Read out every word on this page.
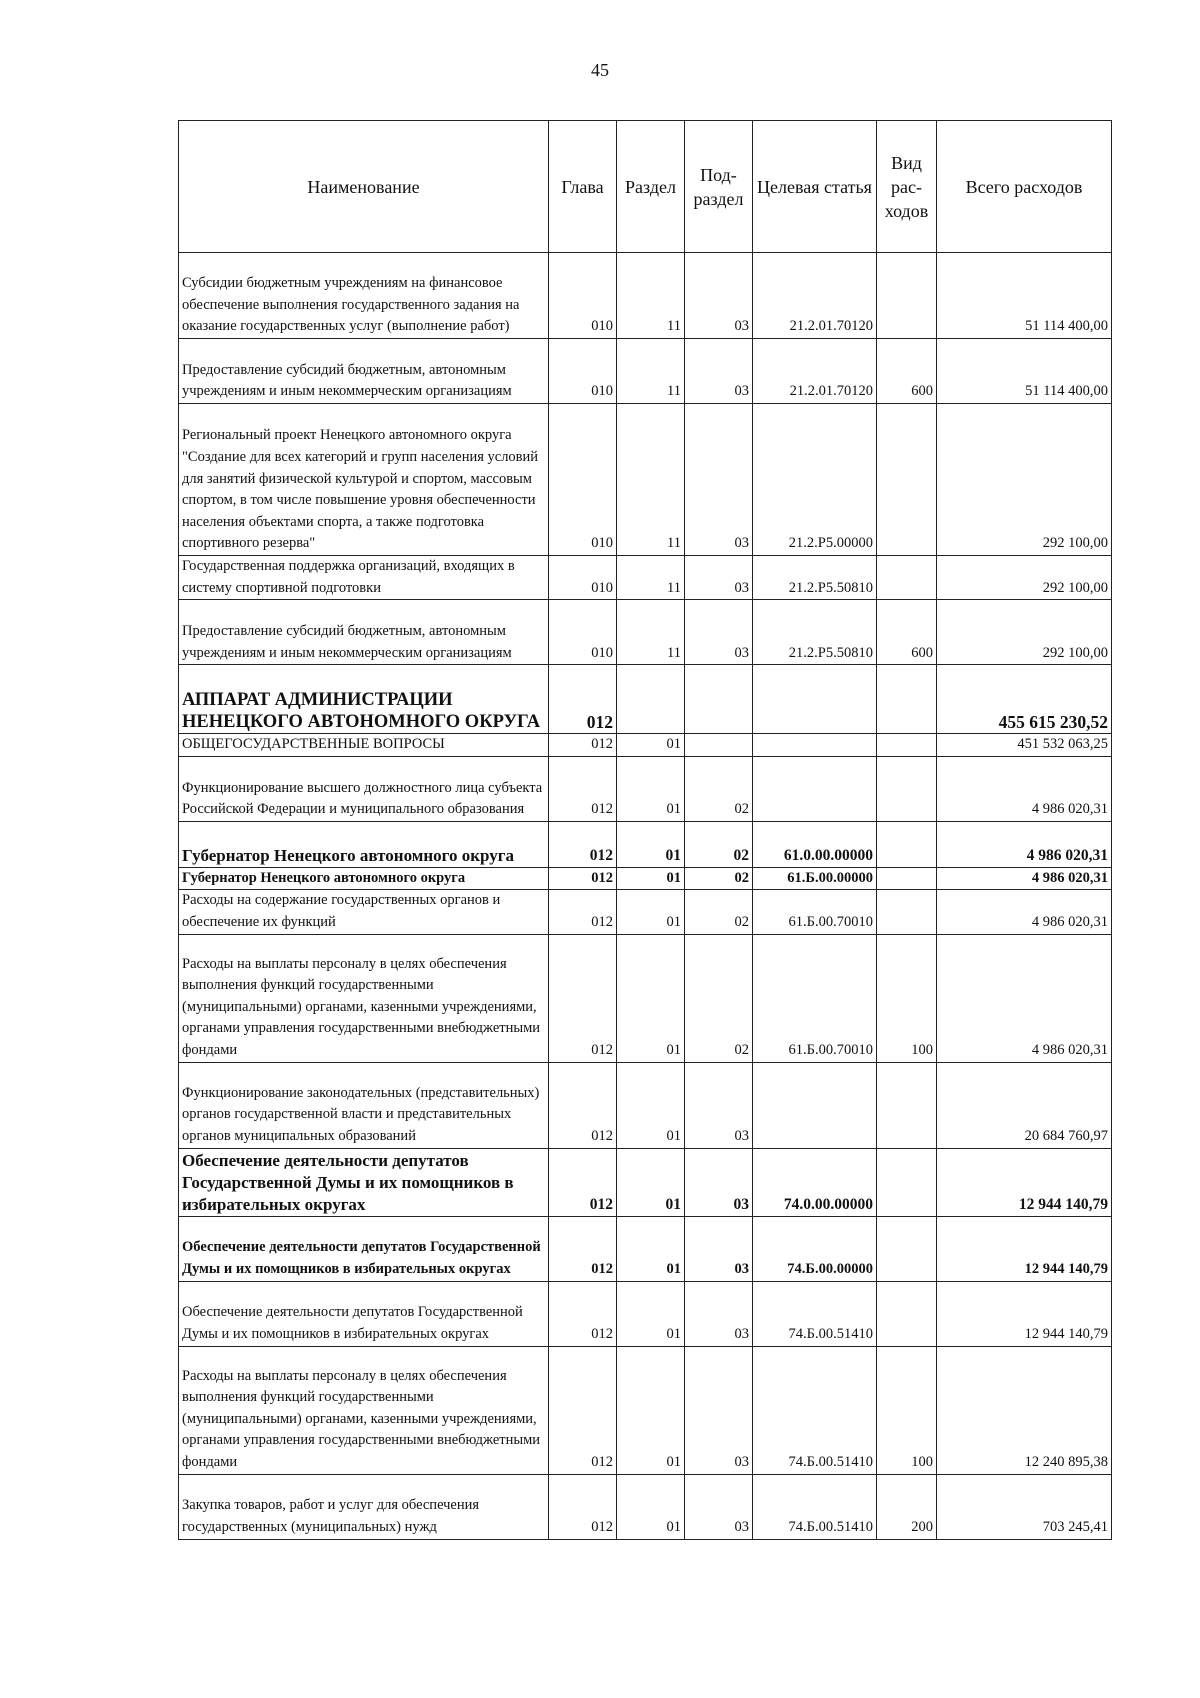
45
Наименование	Глава	Раздел	Под- раздел	Целевая статья	Вид рас- ходов	Всего расходов
Субсидии бюджетным учреждениям на финансовое обеспечение выполнения государственного задания на оказание государственных услуг (выполнение работ)	010	11	03	21.2.01.70120		51 114 400,00
Предоставление субсидий бюджетным, автономным учреждениям и иным некоммерческим организациям	010	11	03	21.2.01.70120	600	51 114 400,00
Региональный проект Ненецкого автономного округа "Создание для всех категорий и групп населения условий для занятий физической культурой и спортом, массовым спортом, в том числе повышение уровня обеспеченности населения объектами спорта, а также подготовка спортивного резерва"	010	11	03	21.2.P5.00000		292 100,00
Государственная поддержка организаций, входящих в систему спортивной подготовки	010	11	03	21.2.P5.50810		292 100,00
Предоставление субсидий бюджетным, автономным учреждениям и иным некоммерческим организациям	010	11	03	21.2.P5.50810	600	292 100,00
АППАРАТ АДМИНИСТРАЦИИ НЕНЕЦКОГО АВТОНОМНОГО ОКРУГА	012					455 615 230,52
ОБЩЕГОСУДАРСТВЕННЫЕ ВОПРОСЫ	012	01				451 532 063,25
Функционирование высшего должностного лица субъекта Российской Федерации и муниципального образования	012	01	02			4 986 020,31
Губернатор Ненецкого автономного округа	012	01	02	61.0.00.00000		4 986 020,31
Губернатор Ненецкого автономного округа	012	01	02	61.Б.00.00000		4 986 020,31
Расходы на содержание государственных органов и обеспечение их функций	012	01	02	61.Б.00.70010		4 986 020,31
Расходы на выплаты персоналу в целях обеспечения выполнения функций государственными (муниципальными) органами, казенными учреждениями, органами управления государственными внебюджетными фондами	012	01	02	61.Б.00.70010	100	4 986 020,31
Функционирование законодательных (представительных) органов государственной власти и представительных органов муниципальных образований	012	01	03			20 684 760,97
Обеспечение деятельности депутатов Государственной Думы и их помощников в избирательных округах	012	01	03	74.0.00.00000		12 944 140,79
Обеспечение деятельности депутатов Государственной Думы и их помощников в избирательных округах	012	01	03	74.Б.00.00000		12 944 140,79
Обеспечение деятельности депутатов Государственной Думы и их помощников в избирательных округах	012	01	03	74.Б.00.51410		12 944 140,79
Расходы на выплаты персоналу в целях обеспечения выполнения функций государственными (муниципальными) органами, казенными учреждениями, органами управления государственными внебюджетными фондами	012	01	03	74.Б.00.51410	100	12 240 895,38
Закупка товаров, работ и услуг для обеспечения государственных (муниципальных) нужд	012	01	03	74.Б.00.51410	200	703 245,41
